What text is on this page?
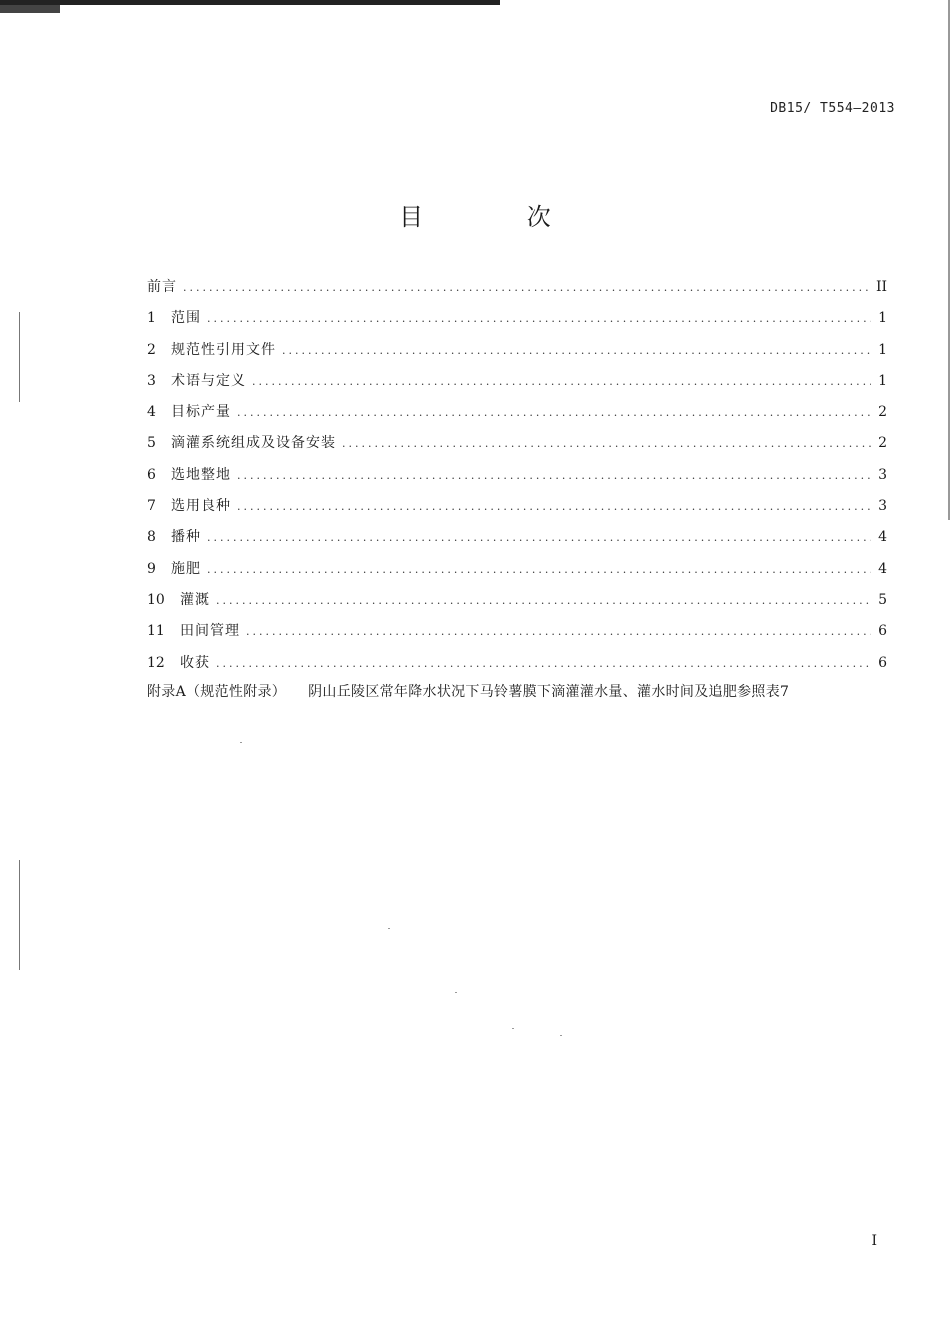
DB15/ T554—2013
目 次
前言 .....	II
1	范围 .....	1
2	规范性引用文件 .....	1
3	术语与定义 .....	1
4	目标产量 .....	2
5	滴灌系统组成及设备安装 .....	2
6	选地整地 .....	3
7	选用良种 .....	3
8	播种 .....	4
9	施肥 .....	4
10	灌溉 .....	5
11	田间管理 .....	6
12	收获 .....	6
附录A（规范性附录） 阴山丘陵区常年降水状况下马铃薯膜下滴灌灌水量、灌水时间及追肥参照表7
I
